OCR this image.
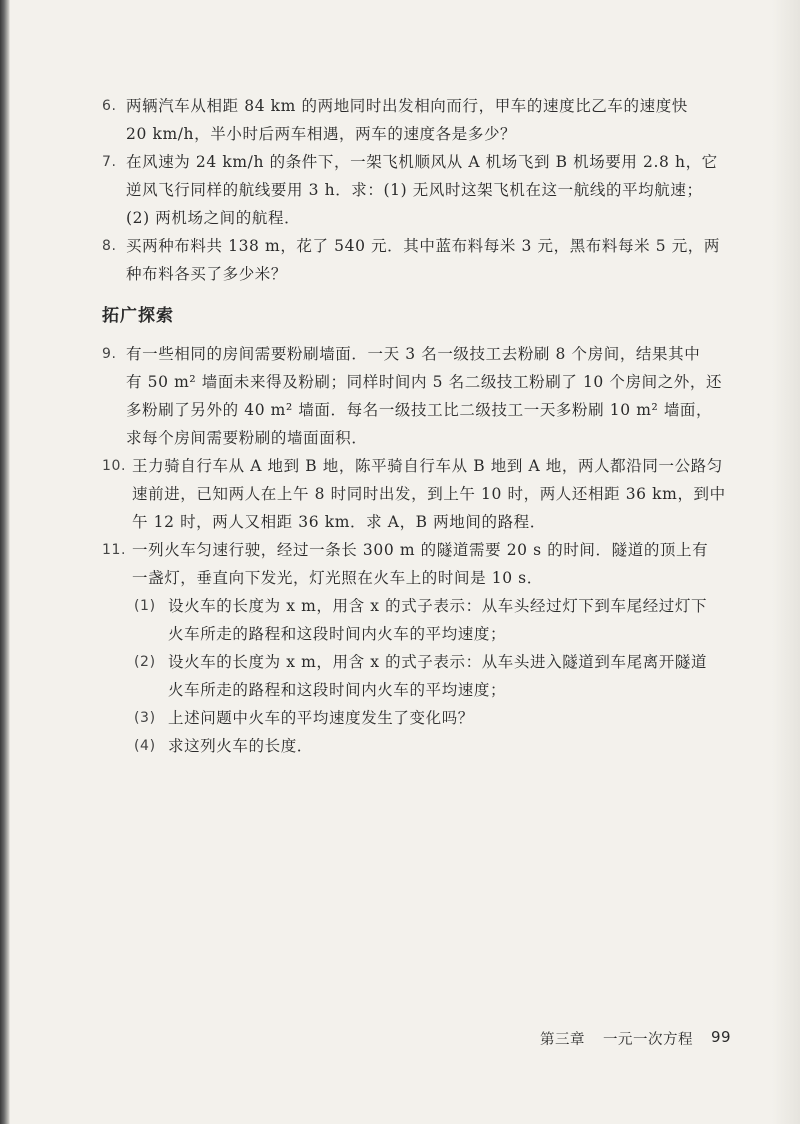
6. 两辆汽车从相距 84 km 的两地同时出发相向而行，甲车的速度比乙车的速度快
20 km/h，半小时后两车相遇，两车的速度各是多少？
7. 在风速为 24 km/h 的条件下，一架飞机顺风从 A 机场飞到 B 机场要用 2.8 h，它
逆风飞行同样的航线要用 3 h．求：(1) 无风时这架飞机在这一航线的平均航速；
(2) 两机场之间的航程．
8. 买两种布料共 138 m，花了 540 元．其中蓝布料每米 3 元，黑布料每米 5 元，两
种布料各买了多少米？
拓广探索
9. 有一些相同的房间需要粉刷墙面．一天 3 名一级技工去粉刷 8 个房间，结果其中
有 50 m² 墙面未来得及粉刷；同样时间内 5 名二级技工粉刷了 10 个房间之外，还
多粉刷了另外的 40 m² 墙面．每名一级技工比二级技工一天多粉刷 10 m² 墙面，
求每个房间需要粉刷的墙面面积．
10. 王力骑自行车从 A 地到 B 地，陈平骑自行车从 B 地到 A 地，两人都沿同一公路匀
速前进，已知两人在上午 8 时同时出发，到上午 10 时，两人还相距 36 km，到中
午 12 时，两人又相距 36 km．求 A，B 两地间的路程．
11. 一列火车匀速行驶，经过一条长 300 m 的隧道需要 20 s 的时间．隧道的顶上有
一盏灯，垂直向下发光，灯光照在火车上的时间是 10 s．
(1) 设火车的长度为 x m，用含 x 的式子表示：从车头经过灯下到车尾经过灯下
火车所走的路程和这段时间内火车的平均速度；
(2) 设火车的长度为 x m，用含 x 的式子表示：从车头进入隧道到车尾离开隧道
火车所走的路程和这段时间内火车的平均速度；
(3) 上述问题中火车的平均速度发生了变化吗？
(4) 求这列火车的长度．
第三章 一元一次方程 99
